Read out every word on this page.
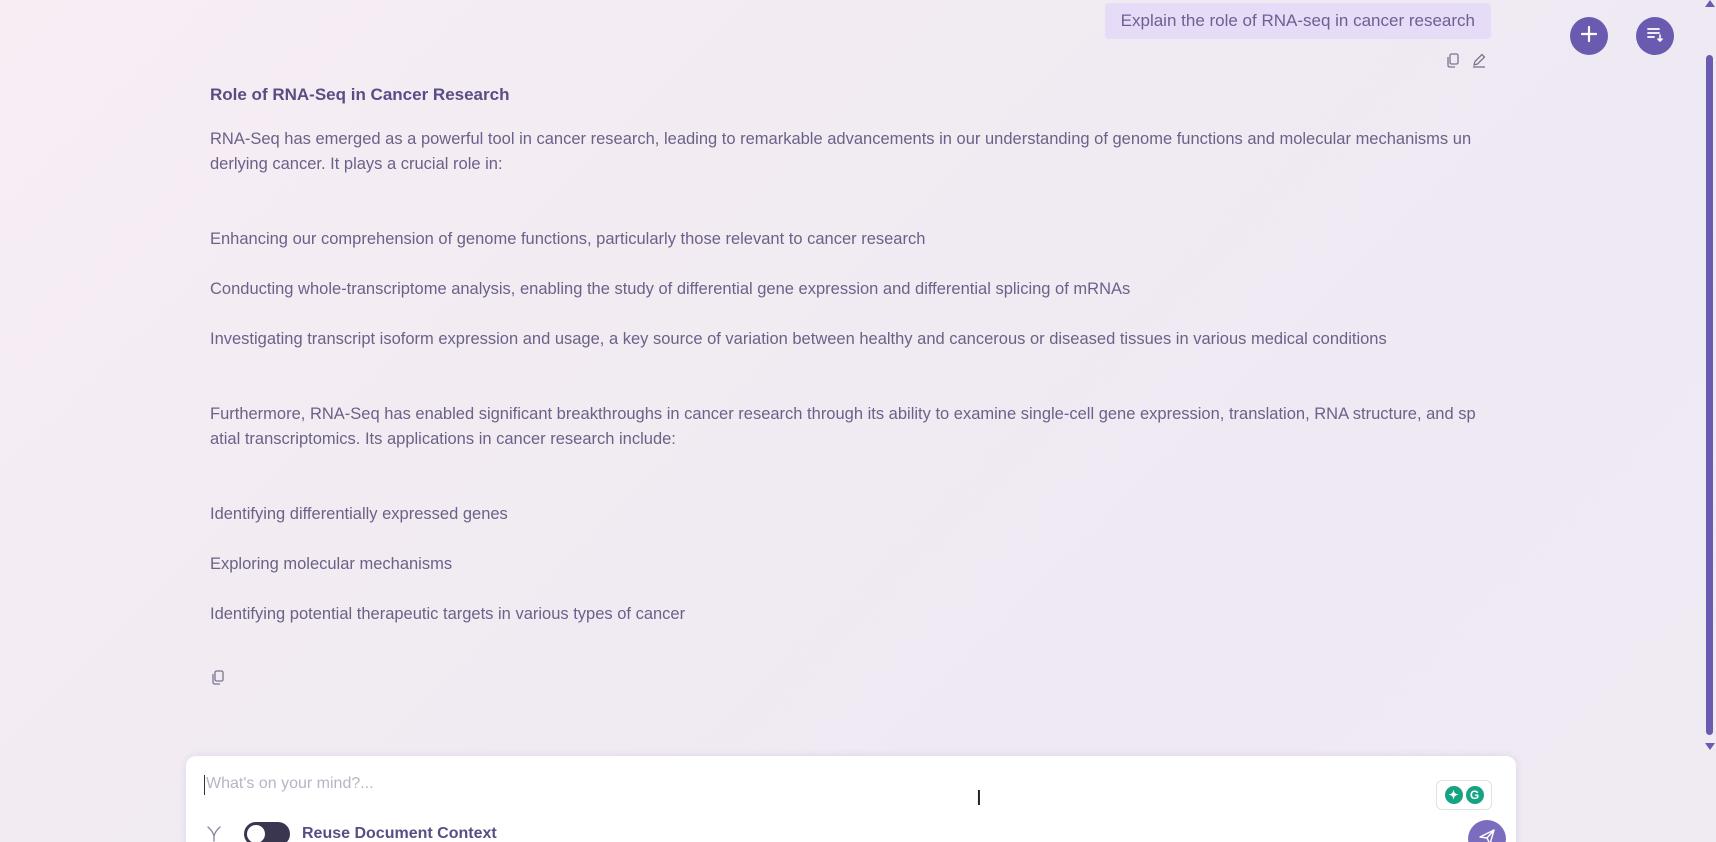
Explain the role of RNA-seq in cancer research
Role of RNA-Seq in Cancer Research

RNA-Seq has emerged as a powerful tool in cancer research, leading to remarkable advancements in our understanding of genome functions and molecular mechanisms un

derlying cancer. It plays a crucial role in:

Enhancing our comprehension of genome functions, particularly those relevant to cancer research

Conducting whole-transcriptome analysis, enabling the study of differential gene expression and differential splicing of mRNAs

Investigating transcript isoform expression and usage, a key source of variation between healthy and cancerous or diseased tissues in various medical conditions

Furthermore, RNA-Seq has enabled significant breakthroughs in cancer research through its ability to examine single-cell gene expression, translation, RNA structure, and sp

atial transcriptomics. Its applications in cancer research include:

Identifying differentially expressed genes

Exploring molecular mechanisms

Identifying potential therapeutic targets in various types of cancer

What's on your mind?...
✦ G
I
Reuse Document Context
